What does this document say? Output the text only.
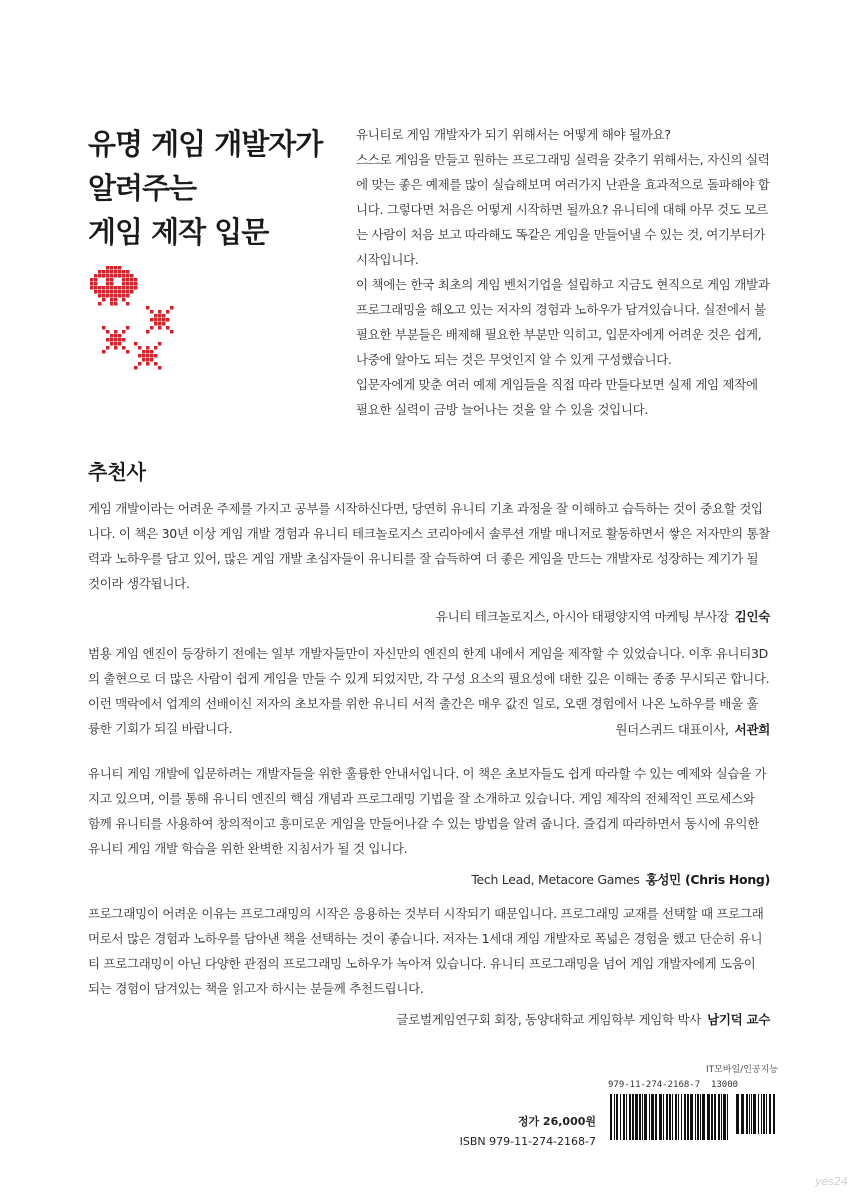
유명 게임 개발자가
알려주는
게임 제작 입문

유니티로 게임 개발자가 되기 위해서는 어떻게 해야 될까요?

스스로 게임을 만들고 원하는 프로그래밍 실력을 갖추기 위해서는, 자신의 실력에 맞는 좋은 예제를 많이 실습해보며 여러가지 난관을 효과적으로 돌파해야 합니다. 그렇다면 처음은 어떻게 시작하면 될까요? 유니티에 대해 아무 것도 모르는 사람이 처음 보고 따라해도 똑같은 게임을 만들어낼 수 있는 것, 여기부터가 시작입니다.

이 책에는 한국 최초의 게임 벤처기업을 설립하고 지금도 현직으로 게임 개발과 프로그래밍을 해오고 있는 저자의 경험과 노하우가 담겨있습니다. 실전에서 불필요한 부분들은 배제해 필요한 부분만 익히고, 입문자에게 어려운 것은 쉽게, 나중에 알아도 되는 것은 무엇인지 알 수 있게 구성했습니다.

입문자에게 맞춘 여러 예제 게임들을 직접 따라 만들다보면 실제 게임 제작에 필요한 실력이 금방 늘어나는 것을 알 수 있을 것입니다.

추천사

게임 개발이라는 어려운 주제를 가지고 공부를 시작하신다면, 당연히 유니티 기초 과정을 잘 이해하고 습득하는 것이 중요할 것입니다. 이 책은 30년 이상 게임 개발 경험과 유니티 테크놀로지스 코리아에서 솔루션 개발 매니저로 활동하면서 쌓은 저자만의 통찰력과 노하우를 담고 있어, 많은 게임 개발 초심자들이 유니티를 잘 습득하여 더 좋은 게임을 만드는 개발자로 성장하는 계기가 될 것이라 생각됩니다.

유니티 테크놀로지스, 아시아 태평양지역 마케팅 부사장 김인숙

범용 게임 엔진이 등장하기 전에는 일부 개발자들만이 자신만의 엔진의 한계 내에서 게임을 제작할 수 있었습니다. 이후 유니티3D의 출현으로 더 많은 사람이 쉽게 게임을 만들 수 있게 되었지만, 각 구성 요소의 필요성에 대한 깊은 이해는 종종 무시되곤 합니다. 이런 맥락에서 업계의 선배이신 저자의 초보자를 위한 유니티 서적 출간은 매우 값진 일로, 오랜 경험에서 나온 노하우를 배울 훌륭한 기회가 되길 바랍니다.	원더스퀴드 대표이사, 서관희

유니티 게임 개발에 입문하려는 개발자들을 위한 훌륭한 안내서입니다. 이 책은 초보자들도 쉽게 따라할 수 있는 예제와 실습을 가지고 있으며, 이를 통해 유니티 엔진의 핵심 개념과 프로그래밍 기법을 잘 소개하고 있습니다. 게임 제작의 전체적인 프로세스와 함께 유니티를 사용하여 창의적이고 흥미로운 게임을 만들어나갈 수 있는 방법을 알려 줍니다. 즐겁게 따라하면서 동시에 유익한 유니티 게임 개발 학습을 위한 완벽한 지침서가 될 것 입니다.

Tech Lead, Metacore Games 홍성민 (Chris Hong)

프로그래밍이 어려운 이유는 프로그래밍의 시작은 응용하는 것부터 시작되기 때문입니다. 프로그래밍 교재를 선택할 때 프로그래머로서 많은 경험과 노하우를 담아낸 책을 선택하는 것이 좋습니다. 저자는 1세대 게임 개발자로 폭넓은 경험을 했고 단순히 유니티 프로그래밍이 아닌 다양한 관점의 프로그래밍 노하우가 녹아져 있습니다. 유니티 프로그래밍을 넘어 게임 개발자에게 도움이 되는 경험이 담겨있는 책을 읽고자 하시는 분들께 추천드립니다.

글로벌게임연구회 회장, 동양대학교 게임학부 게임학 박사 남기덕 교수
정가 26,000원
ISBN 979-11-274-2168-7
IT모바일/인공지능
979-11-274-2168-7 13000
yes24
